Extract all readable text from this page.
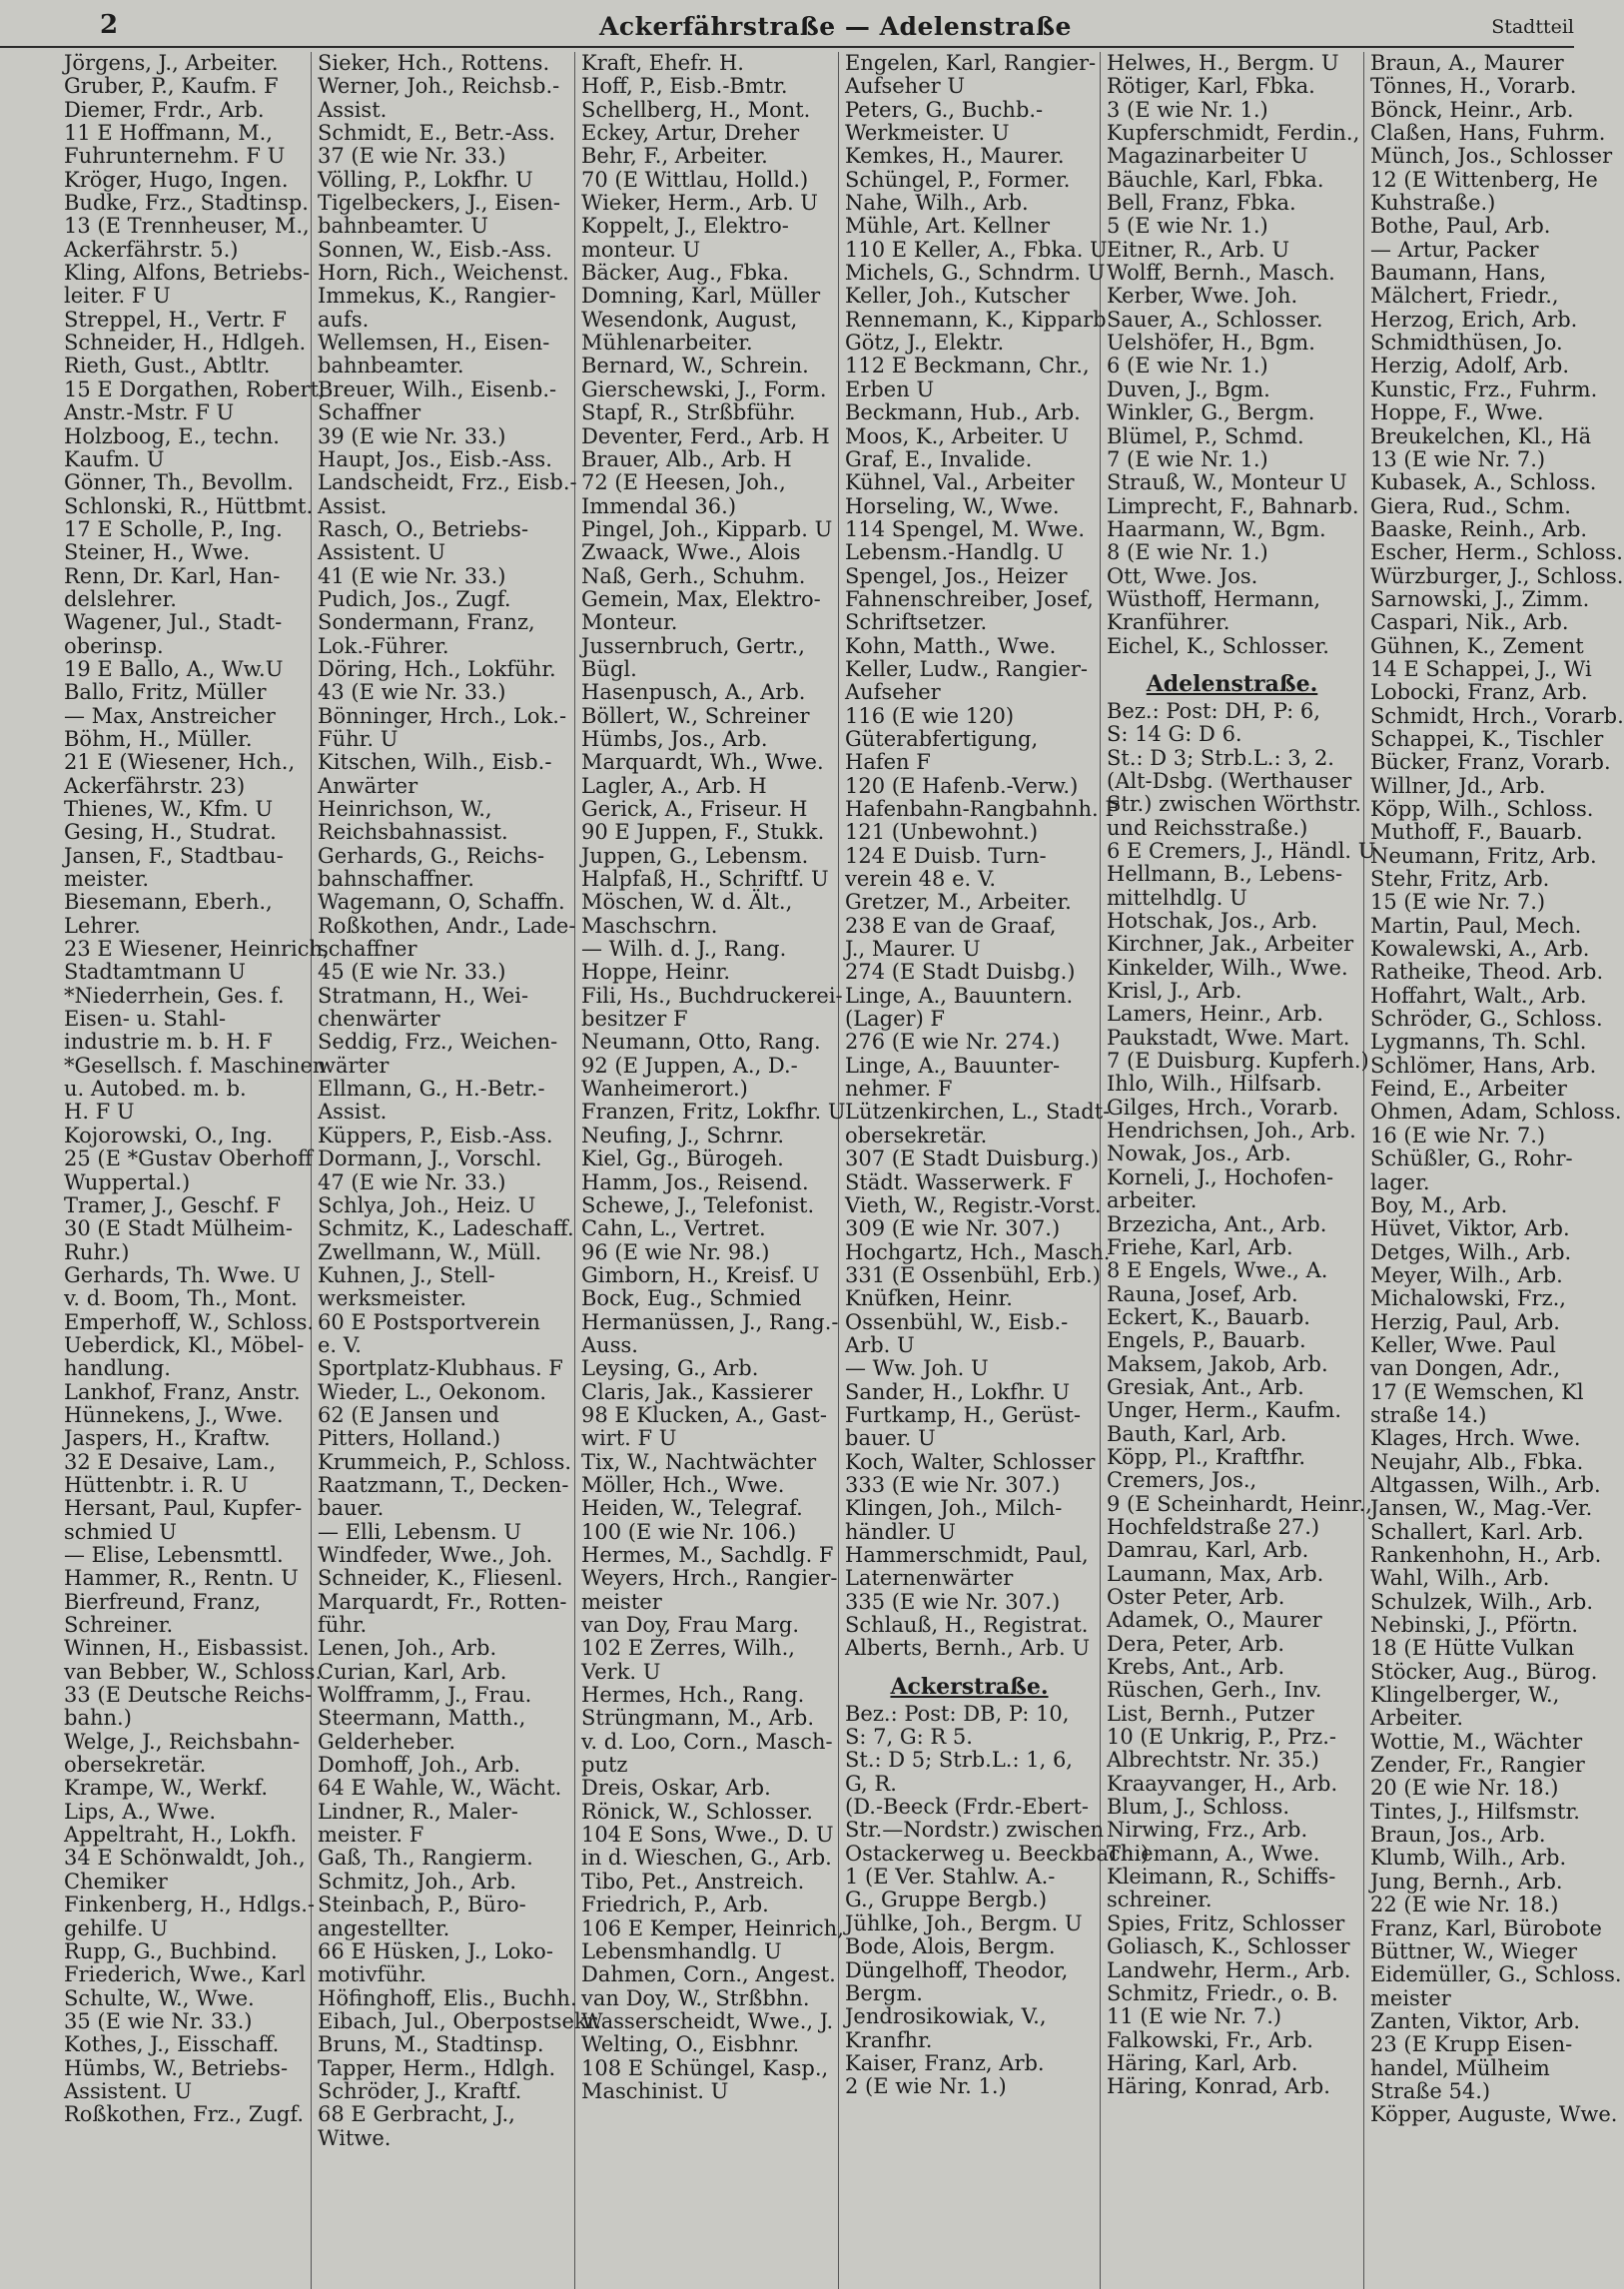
2	Ackerfährstraße — Adelenstraße	Stadtteil
Jörgens, J., Arbeiter.
Gruber, P., Kaufm. F
Diemer, Frdr., Arb.
11 E Hoffmann, M.,
Fuhrunternehm. F U
Kröger, Hugo, Ingen.
Budke, Frz., Stadtinsp.
13 (E Trennheuser, M.,
Ackerfährstr. 5.)
Kling, Alfons, Betriebs-
leiter. F U
Streppel, H., Vertr. F
Schneider, H., Hdlgeh.
Rieth, Gust., Abtltr.
15 E Dorgathen, Robert,
Anstr.-Mstr. F U
Holzboog, E., techn.
Kaufm. U
Gönner, Th., Bevollm.
Schlonski, R., Hüttbmt.
17 E Scholle, P., Ing.
Steiner, H., Wwe.
Renn, Dr. Karl, Han-
delslehrer.
Wagener, Jul., Stadt-
oberinsp.
19 E Ballo, A., Ww.U
Ballo, Fritz, Müller
— Max, Anstreicher
Böhm, H., Müller.
21 E (Wiesener, Hch.,
Ackerfährstr. 23)
Thienes, W., Kfm. U
Gesing, H., Studrat.
Jansen, F., Stadtbau-
meister.
Biesemann, Eberh.,
Lehrer.
23 E Wiesener, Heinrich,
Stadtamtmann U
*Niederrhein, Ges. f.
Eisen- u. Stahl-
industrie m. b. H. F
*Gesellsch. f. Maschinen
u. Autobed. m. b.
H. F U
Kojorowski, O., Ing.
25 (E *Gustav Oberhoff
Wuppertal.)
Tramer, J., Geschf. F
30 (E Stadt Mülheim-
Ruhr.)
Gerhards, Th. Wwe. U
v. d. Boom, Th., Mont.
Emperhoff, W., Schloss.
Ueberdick, Kl., Möbel-
handlung.
Lankhof, Franz, Anstr.
Hünnekens, J., Wwe.
Jaspers, H., Kraftw.
32 E Desaive, Lam.,
Hüttenbtr. i. R. U
Hersant, Paul, Kupfer-
schmied U
— Elise, Lebensmttl.
Hammer, R., Rentn. U
Bierfreund, Franz,
Schreiner.
Winnen, H., Eisbassist.
van Bebber, W., Schloss.
33 (E Deutsche Reichs-
bahn.)
Welge, J., Reichsbahn-
obersekretär.
Krampe, W., Werkf.
Lips, A., Wwe.
Appeltraht, H., Lokfh.
34 E Schönwaldt, Joh.,
Chemiker
Finkenberg, H., Hdlgs.-
gehilfe. U
Rupp, G., Buchbind.
Friederich, Wwe., Karl
Schulte, W., Wwe.
35 (E wie Nr. 33.)
Kothes, J., Eisschaff.
Hümbs, W., Betriebs-
Assistent. U
Roßkothen, Frz., Zugf.
Sieker, Hch., Rottens.
Werner, Joh., Reichsb.-
Assist.
Schmidt, E., Betr.-Ass.
37 (E wie Nr. 33.)
Völling, P., Lokfhr. U
Tigelbeckers, J., Eisen-
bahnbeamter. U
Sonnen, W., Eisb.-Ass.
Horn, Rich., Weichenst.
Immekus, K., Rangier-
aufs.
Wellemsen, H., Eisen-
bahnbeamter.
Breuer, Wilh., Eisenb.-
Schaffner
39 (E wie Nr. 33.)
Haupt, Jos., Eisb.-Ass.
Landscheidt, Frz., Eisb.-
Assist.
Rasch, O., Betriebs-
Assistent. U
41 (E wie Nr. 33.)
Pudich, Jos., Zugf.
Sondermann, Franz,
Lok.-Führer.
Döring, Hch., Lokführ.
43 (E wie Nr. 33.)
Bönninger, Hrch., Lok.-
Führ. U
Kitschen, Wilh., Eisb.-
Anwärter
Heinrichson, W.,
Reichsbahnassist.
Gerhards, G., Reichs-
bahnschaffner.
Wagemann, O, Schaffn.
Roßkothen, Andr., Lade-
schaffner
45 (E wie Nr. 33.)
Stratmann, H., Wei-
chenwärter
Seddig, Frz., Weichen-
wärter
Ellmann, G., H.-Betr.-
Assist.
Küppers, P., Eisb.-Ass.
Dormann, J., Vorschl.
47 (E wie Nr. 33.)
Schlya, Joh., Heiz. U
Schmitz, K., Ladeschaff.
Zwellmann, W., Müll.
Kuhnen, J., Stell-
werksmeister.
60 E Postsportverein
e. V.
Sportplatz-Klubhaus. F
Wieder, L., Oekonom.
62 (E Jansen und
Pitters, Holland.)
Krummeich, P., Schloss.
Raatzmann, T., Decken-
bauer.
— Elli, Lebensm. U
Windfeder, Wwe., Joh.
Schneider, K., Fliesenl.
Marquardt, Fr., Rotten-
führ.
Lenen, Joh., Arb.
Curian, Karl, Arb.
Wolfframm, J., Frau.
Steermann, Matth.,
Gelderheber.
Domhoff, Joh., Arb.
64 E Wahle, W., Wächt.
Lindner, R., Maler-
meister. F
Gaß, Th., Rangierm.
Schmitz, Joh., Arb.
Steinbach, P., Büro-
angestellter.
66 E Hüsken, J., Loko-
motivführ.
Höfinghoff, Elis., Buchh.
Eibach, Jul., Oberpostsekr.
Bruns, M., Stadtinsp.
Tapper, Herm., Hdlgh.
Schröder, J., Kraftf.
68 E Gerbracht, J.,
Witwe.
Kraft, Ehefr. H.
Hoff, P., Eisb.-Bmtr.
Schellberg, H., Mont.
Eckey, Artur, Dreher
Behr, F., Arbeiter.
70 (E Wittlau, Holld.)
Wieker, Herm., Arb. U
Koppelt, J., Elektro-
monteur. U
Bäcker, Aug., Fbka.
Domning, Karl, Müller
Wesendonk, August,
Mühlenarbeiter.
Bernard, W., Schrein.
Gierschewski, J., Form.
Stapf, R., Strßbführ.
Deventer, Ferd., Arb. H
Brauer, Alb., Arb. H
72 (E Heesen, Joh.,
Immendal 36.)
Pingel, Joh., Kipparb. U
Zwaack, Wwe., Alois
Naß, Gerh., Schuhm.
Gemein, Max, Elektro-
Monteur.
Jussernbruch, Gertr.,
Bügl.
Hasenpusch, A., Arb.
Böllert, W., Schreiner
Hümbs, Jos., Arb.
Marquardt, Wh., Wwe.
Lagler, A., Arb. H
Gerick, A., Friseur. H
90 E Juppen, F., Stukk.
Juppen, G., Lebensm.
Halpfaß, H., Schriftf. U
Möschen, W. d. Ält.,
Maschschrn.
— Wilh. d. J., Rang.
Hoppe, Heinr.
Fili, Hs., Buchdruckerei-
besitzer F
Neumann, Otto, Rang.
92 (E Juppen, A., D.-
Wanheimerort.)
Franzen, Fritz, Lokfhr. U
Neufing, J., Schrnr.
Kiel, Gg., Bürogeh.
Hamm, Jos., Reisend.
Schewe, J., Telefonist.
Cahn, L., Vertret.
96 (E wie Nr. 98.)
Gimborn, H., Kreisf. U
Bock, Eug., Schmied
Hermanüssen, J., Rang.-
Auss.
Leysing, G., Arb.
Claris, Jak., Kassierer
98 E Klucken, A., Gast-
wirt. F U
Tix, W., Nachtwächter
Möller, Hch., Wwe.
Heiden, W., Telegraf.
100 (E wie Nr. 106.)
Hermes, M., Sachdlg. F
Weyers, Hrch., Rangier-
meister
van Doy, Frau Marg.
102 E Zerres, Wilh.,
Verk. U
Hermes, Hch., Rang.
Strüngmann, M., Arb.
v. d. Loo, Corn., Masch-
putz
Dreis, Oskar, Arb.
Rönick, W., Schlosser.
104 E Sons, Wwe., D. U
in d. Wieschen, G., Arb.
Tibo, Pet., Anstreich.
Friedrich, P., Arb.
106 E Kemper, Heinrich,
Lebensmhandlg. U
Dahmen, Corn., Angest.
van Doy, W., Strßbhn.
Wasserscheidt, Wwe., J.
Welting, O., Eisbhnr.
108 E Schüngel, Kasp.,
Maschinist. U
Engelen, Karl, Rangier-
Aufseher U
Peters, G., Buchb.-
Werkmeister. U
Kemkes, H., Maurer.
Schüngel, P., Former.
Nahe, Wilh., Arb.
Mühle, Art. Kellner
110 E Keller, A., Fbka. U
Michels, G., Schndrm. U
Keller, Joh., Kutscher
Rennemann, K., Kipparb
Götz, J., Elektr.
112 E Beckmann, Chr.,
Erben U
Beckmann, Hub., Arb.
Moos, K., Arbeiter. U
Graf, E., Invalide.
Kühnel, Val., Arbeiter
Horseling, W., Wwe.
114 Spengel, M. Wwe.
Lebensm.-Handlg. U
Spengel, Jos., Heizer
Fahnenschreiber, Josef,
Schriftsetzer.
Kohn, Matth., Wwe.
Keller, Ludw., Rangier-
Aufseher
116 (E wie 120)
Güterabfertigung,
Hafen F
120 (E Hafenb.-Verw.)
Hafenbahn-Rangbahnh. F
121 (Unbewohnt.)
124 E Duisb. Turn-
verein 48 e. V.
Gretzer, M., Arbeiter.
238 E van de Graaf,
J., Maurer. U
274 (E Stadt Duisbg.)
Linge, A., Bauuntern.
(Lager) F
276 (E wie Nr. 274.)
Linge, A., Bauunter-
nehmer. F
Lützenkirchen, L., Stadt-
obersekretär.
307 (E Stadt Duisburg.)
Städt. Wasserwerk. F
Vieth, W., Registr.-Vorst.
309 (E wie Nr. 307.)
Hochgartz, Hch., Masch.
331 (E Ossenbühl, Erb.)
Knüfken, Heinr.
Ossenbühl, W., Eisb.-
Arb. U
— Ww. Joh. U
Sander, H., Lokfhr. U
Furtkamp, H., Gerüst-
bauer. U
Koch, Walter, Schlosser
333 (E wie Nr. 307.)
Klingen, Joh., Milch-
händler. U
Hammerschmidt, Paul,
Laternenwärter
335 (E wie Nr. 307.)
Schlauß, H., Registrat.
Alberts, Bernh., Arb. U
Ackerstraße.
Bez.: Post: DB, P: 10,
S: 7, G: R 5.
St.: D 5; Strb.L.: 1, 6,
G, R.
(D.-Beeck (Frdr.-Ebert-
Str.—Nordstr.) zwischen
Ostackerweg u. Beeckbach.)
1 (E Ver. Stahlw. A.-
G., Gruppe Bergb.)
Jühlke, Joh., Bergm. U
Bode, Alois, Bergm.
Düngelhoff, Theodor,
Bergm.
Jendrosikowiak, V.,
Kranfhr.
Kaiser, Franz, Arb.
2 (E wie Nr. 1.)
Helwes, H., Bergm. U
Rötiger, Karl, Fbka.
3 (E wie Nr. 1.)
Kupferschmidt, Ferdin.,
Magazinarbeiter U
Bäuchle, Karl, Fbka.
Bell, Franz, Fbka.
5 (E wie Nr. 1.)
Eitner, R., Arb. U
Wolff, Bernh., Masch.
Kerber, Wwe. Joh.
Sauer, A., Schlosser.
Uelshöfer, H., Bgm.
6 (E wie Nr. 1.)
Duven, J., Bgm.
Winkler, G., Bergm.
Blümel, P., Schmd.
7 (E wie Nr. 1.)
Strauß, W., Monteur U
Limprecht, F., Bahnarb.
Haarmann, W., Bgm.
8 (E wie Nr. 1.)
Ott, Wwe. Jos.
Wüsthoff, Hermann,
Kranführer.
Eichel, K., Schlosser.
Adelenstraße.
Bez.: Post: DH, P: 6,
S: 14 G: D 6.
St.: D 3; Strb.L.: 3, 2.
(Alt-Dsbg. (Werthauser
Str.) zwischen Wörthstr.
und Reichsstraße.)
6 E Cremers, J., Händl. U
Hellmann, B., Lebens-
mittelhdlg. U
Hotschak, Jos., Arb.
Kirchner, Jak., Arbeiter
Kinkelder, Wilh., Wwe.
Krisl, J., Arb.
Lamers, Heinr., Arb.
Paukstadt, Wwe. Mart.
7 (E Duisburg. Kupferh.)
Ihlo, Wilh., Hilfsarb.
Gilges, Hrch., Vorarb.
Hendrichsen, Joh., Arb.
Nowak, Jos., Arb.
Korneli, J., Hochofen-
arbeiter.
Brzezicha, Ant., Arb.
Friehe, Karl, Arb.
8 E Engels, Wwe., A.
Rauna, Josef, Arb.
Eckert, K., Bauarb.
Engels, P., Bauarb.
Maksem, Jakob, Arb.
Gresiak, Ant., Arb.
Unger, Herm., Kaufm.
Bauth, Karl, Arb.
Köpp, Pl., Kraftfhr.
Cremers, Jos.,
9 (E Scheinhardt, Heinr.,
Hochfeldstraße 27.)
Damrau, Karl, Arb.
Laumann, Max, Arb.
Oster Peter, Arb.
Adamek, O., Maurer
Dera, Peter, Arb.
Krebs, Ant., Arb.
Rüschen, Gerh., Inv.
List, Bernh., Putzer
10 (E Unkrig, P., Prz.-
Albrechtstr. Nr. 35.)
Kraayvanger, H., Arb.
Blum, J., Schloss.
Nirwing, Frz., Arb.
Thiemann, A., Wwe.
Kleimann, R., Schiffs-
schreiner.
Spies, Fritz, Schlosser
Goliasch, K., Schlosser
Landwehr, Herm., Arb.
Schmitz, Friedr., o. B.
11 (E wie Nr. 7.)
Falkowski, Fr., Arb.
Häring, Karl, Arb.
Häring, Konrad, Arb.
Braun, A., Maurer
Tönnes, H., Vorarb.
Bönck, Heinr., Arb.
Claßen, Hans, Fuhrm.
Münch, Jos., Schlosser
12 (E Wittenberg, He
Kuhstraße.)
Bothe, Paul, Arb.
— Artur, Packer
Baumann, Hans,
Mälchert, Friedr.,
Herzog, Erich, Arb.
Schmidthüsen, Jo.
Herzig, Adolf, Arb.
Kunstic, Frz., Fuhrm.
Hoppe, F., Wwe.
Breukelchen, Kl., Hä
13 (E wie Nr. 7.)
Kubasek, A., Schloss.
Giera, Rud., Schm.
Baaske, Reinh., Arb.
Escher, Herm., Schloss.
Würzburger, J., Schloss.
Sarnowski, J., Zimm.
Caspari, Nik., Arb.
Gühnen, K., Zement
14 E Schappei, J., Wi
Lobocki, Franz, Arb.
Schmidt, Hrch., Vorarb.
Schappei, K., Tischler
Bücker, Franz, Vorarb.
Willner, Jd., Arb.
Köpp, Wilh., Schloss.
Muthoff, F., Bauarb.
Neumann, Fritz, Arb.
Stehr, Fritz, Arb.
15 (E wie Nr. 7.)
Martin, Paul, Mech.
Kowalewski, A., Arb.
Ratheike, Theod. Arb.
Hoffahrt, Walt., Arb.
Schröder, G., Schloss.
Lygmanns, Th. Schl.
Schlömer, Hans, Arb.
Feind, E., Arbeiter
Ohmen, Adam, Schloss.
16 (E wie Nr. 7.)
Schüßler, G., Rohr-
lager.
Boy, M., Arb.
Hüvet, Viktor, Arb.
Detges, Wilh., Arb.
Meyer, Wilh., Arb.
Michalowski, Frz.,
Herzig, Paul, Arb.
Keller, Wwe. Paul
van Dongen, Adr.,
17 (E Wemschen, Kl
straße 14.)
Klages, Hrch. Wwe.
Neujahr, Alb., Fbka.
Altgassen, Wilh., Arb.
Jansen, W., Mag.-Ver.
Schallert, Karl. Arb.
Rankenhohn, H., Arb.
Wahl, Wilh., Arb.
Schulzek, Wilh., Arb.
Nebinski, J., Pförtn.
18 (E Hütte Vulkan
Stöcker, Aug., Bürog.
Klingelberger, W.,
Arbeiter.
Wottie, M., Wächter
Zender, Fr., Rangier
20 (E wie Nr. 18.)
Tintes, J., Hilfsmstr.
Braun, Jos., Arb.
Klumb, Wilh., Arb.
Jung, Bernh., Arb.
22 (E wie Nr. 18.)
Franz, Karl, Bürobote
Büttner, W., Wieger
Eidemüller, G., Schloss.
meister
Zanten, Viktor, Arb.
23 (E Krupp Eisen-
handel, Mülheim
Straße 54.)
Köpper, Auguste, Wwe.
